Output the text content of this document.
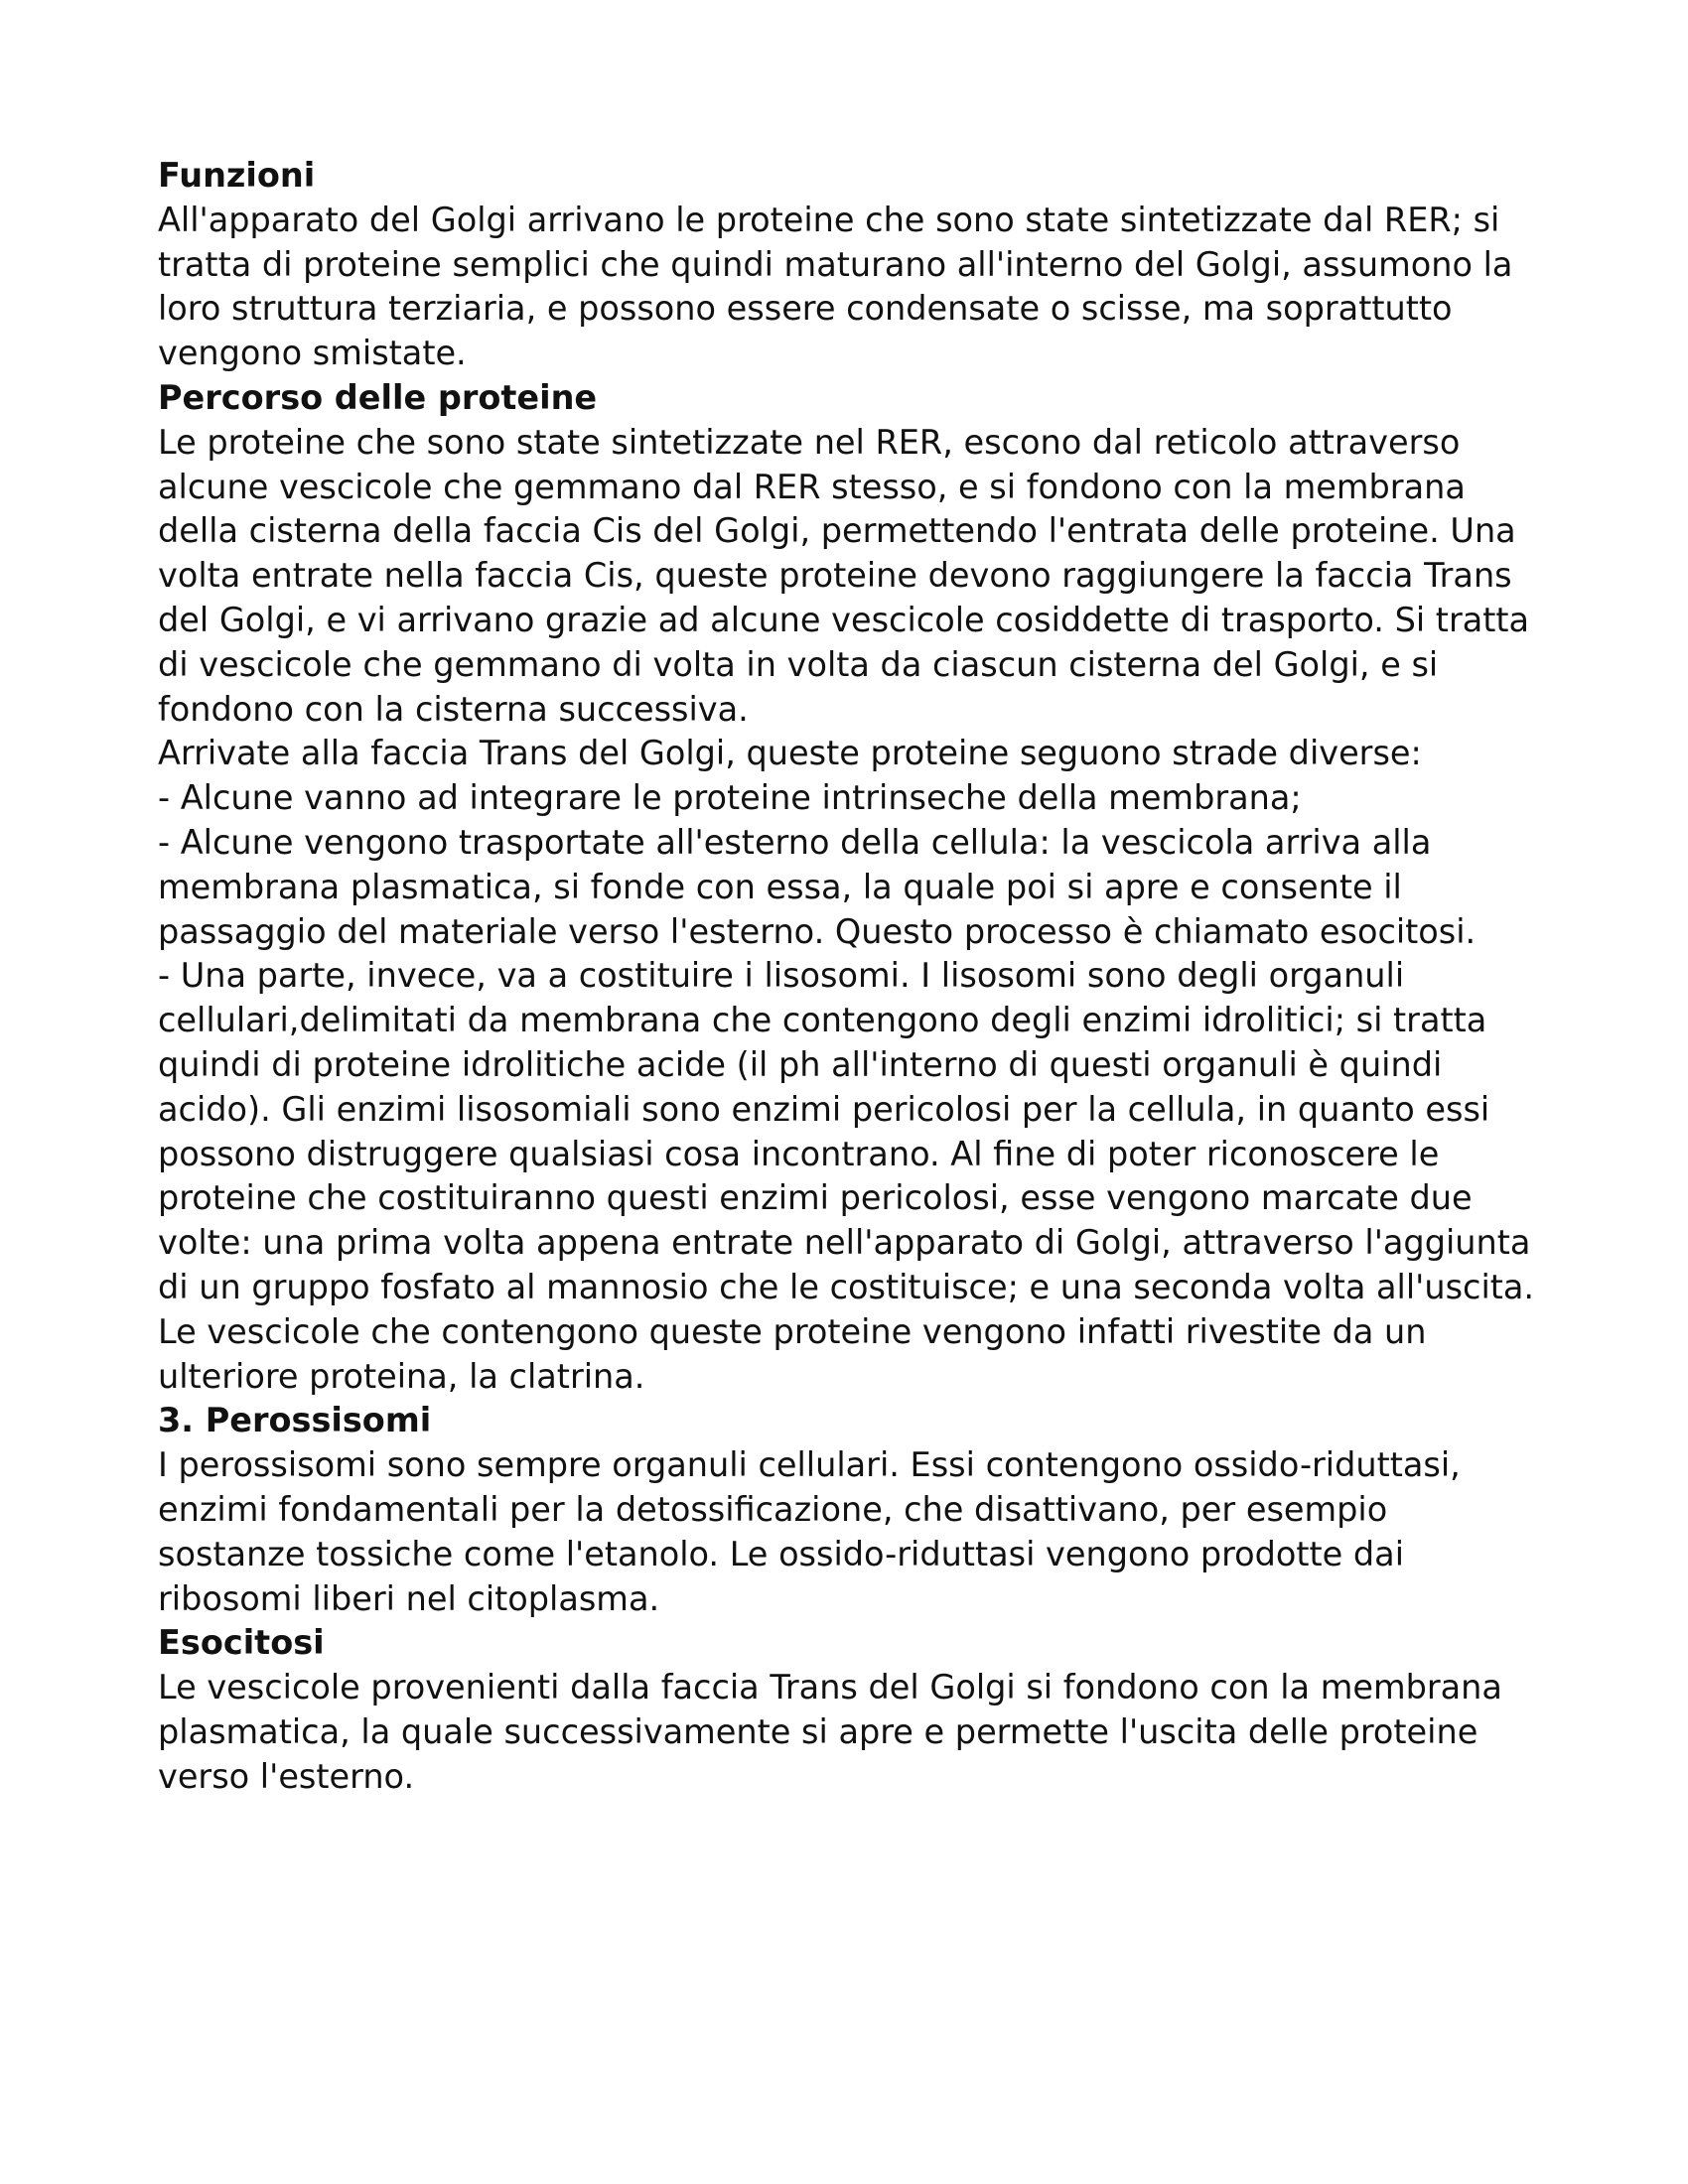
Funzioni
All'apparato del Golgi arrivano le proteine che sono state sintetizzate dal RER; si
tratta di proteine semplici che quindi maturano all'interno del Golgi, assumono la
loro struttura terziaria, e possono essere condensate o scisse, ma soprattutto
vengono smistate.
Percorso delle proteine
Le proteine che sono state sintetizzate nel RER, escono dal reticolo attraverso
alcune vescicole che gemmano dal RER stesso, e si fondono con la membrana
della cisterna della faccia Cis del Golgi, permettendo l'entrata delle proteine. Una
volta entrate nella faccia Cis, queste proteine devono raggiungere la faccia Trans
del Golgi, e vi arrivano grazie ad alcune vescicole cosiddette di trasporto. Si tratta
di vescicole che gemmano di volta in volta da ciascun cisterna del Golgi, e si
fondono con la cisterna successiva.
Arrivate alla faccia Trans del Golgi, queste proteine seguono strade diverse:
- Alcune vanno ad integrare le proteine intrinseche della membrana;
- Alcune vengono trasportate all'esterno della cellula: la vescicola arriva alla
membrana plasmatica, si fonde con essa, la quale poi si apre e consente il
passaggio del materiale verso l'esterno. Questo processo è chiamato esocitosi.
- Una parte, invece, va a costituire i lisosomi. I lisosomi sono degli organuli
cellulari,delimitati da membrana che contengono degli enzimi idrolitici; si tratta
quindi di proteine idrolitiche acide (il ph all'interno di questi organuli è quindi
acido). Gli enzimi lisosomiali sono enzimi pericolosi per la cellula, in quanto essi
possono distruggere qualsiasi cosa incontrano. Al fine di poter riconoscere le
proteine che costituiranno questi enzimi pericolosi, esse vengono marcate due
volte: una prima volta appena entrate nell'apparato di Golgi, attraverso l'aggiunta
di un gruppo fosfato al mannosio che le costituisce; e una seconda volta all'uscita.
Le vescicole che contengono queste proteine vengono infatti rivestite da un
ulteriore proteina, la clatrina.
3. Perossisomi
I perossisomi sono sempre organuli cellulari. Essi contengono ossido-riduttasi,
enzimi fondamentali per la detossificazione, che disattivano, per esempio
sostanze tossiche come l'etanolo. Le ossido-riduttasi vengono prodotte dai
ribosomi liberi nel citoplasma.
Esocitosi
Le vescicole provenienti dalla faccia Trans del Golgi si fondono con la membrana
plasmatica, la quale successivamente si apre e permette l'uscita delle proteine
verso l'esterno.
